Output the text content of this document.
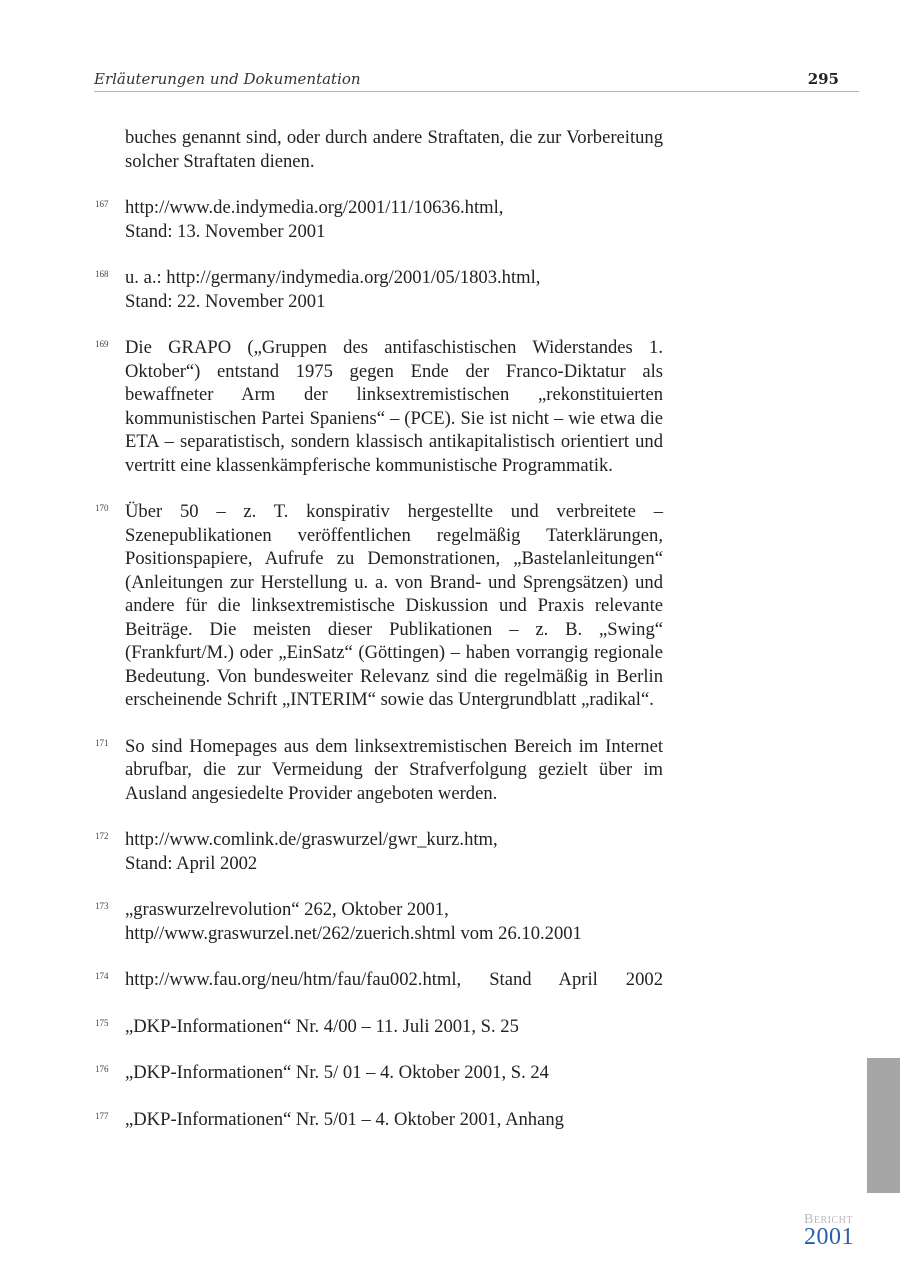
Erläuterungen und Dokumentation	295
buches genannt sind, oder durch andere Straftaten, die zur Vorbereitung solcher Straftaten dienen.
167 http://www.de.indymedia.org/2001/11/10636.html,
Stand: 13. November 2001
168 u. a.: http://germany/indymedia.org/2001/05/1803.html,
Stand: 22. November 2001
169 Die GRAPO („Gruppen des antifaschistischen Widerstandes 1. Oktober“) entstand 1975 gegen Ende der Franco-Diktatur als bewaffneter Arm der linksextremistischen „rekonstituierten kommunistischen Partei Spaniens“ – (PCE). Sie ist nicht – wie etwa die ETA – separatistisch, sondern klassisch antikapitalistisch orientiert und vertritt eine klassenkämpferische kommunistische Programmatik.
170 Über 50 – z. T. konspirativ hergestellte und verbreitete – Szenepublikationen veröffentlichen regelmäßig Taterklärungen, Positionspapiere, Aufrufe zu Demonstrationen, „Bastelanleitungen“ (Anleitungen zur Herstellung u. a. von Brand- und Sprengsätzen) und andere für die linksextremistische Diskussion und Praxis relevante Beiträge. Die meisten dieser Publikationen – z. B. „Swing“ (Frankfurt/M.) oder „EinSatz“ (Göttingen) – haben vorrangig regionale Bedeutung. Von bundesweiter Relevanz sind die regelmäßig in Berlin erscheinende Schrift „INTERIM“ sowie das Untergrundblatt „radikal“.
171 So sind Homepages aus dem linksextremistischen Bereich im Internet abrufbar, die zur Vermeidung der Strafverfolgung gezielt über im Ausland angesiedelte Provider angeboten werden.
172 http://www.comlink.de/graswurzel/gwr_kurz.htm,
Stand: April 2002
173 „graswurzelrevolution“ 262, Oktober 2001,
http//www.graswurzel.net/262/zuerich.shtml vom 26.10.2001
174 http://www.fau.org/neu/htm/fau/fau002.html, Stand April 2002
175 „DKP-Informationen“ Nr. 4/00 – 11. Juli 2001, S. 25
176 „DKP-Informationen“ Nr. 5/ 01 – 4. Oktober 2001, S. 24
177 „DKP-Informationen“ Nr. 5/01 – 4. Oktober 2001, Anhang
Bericht
2001
